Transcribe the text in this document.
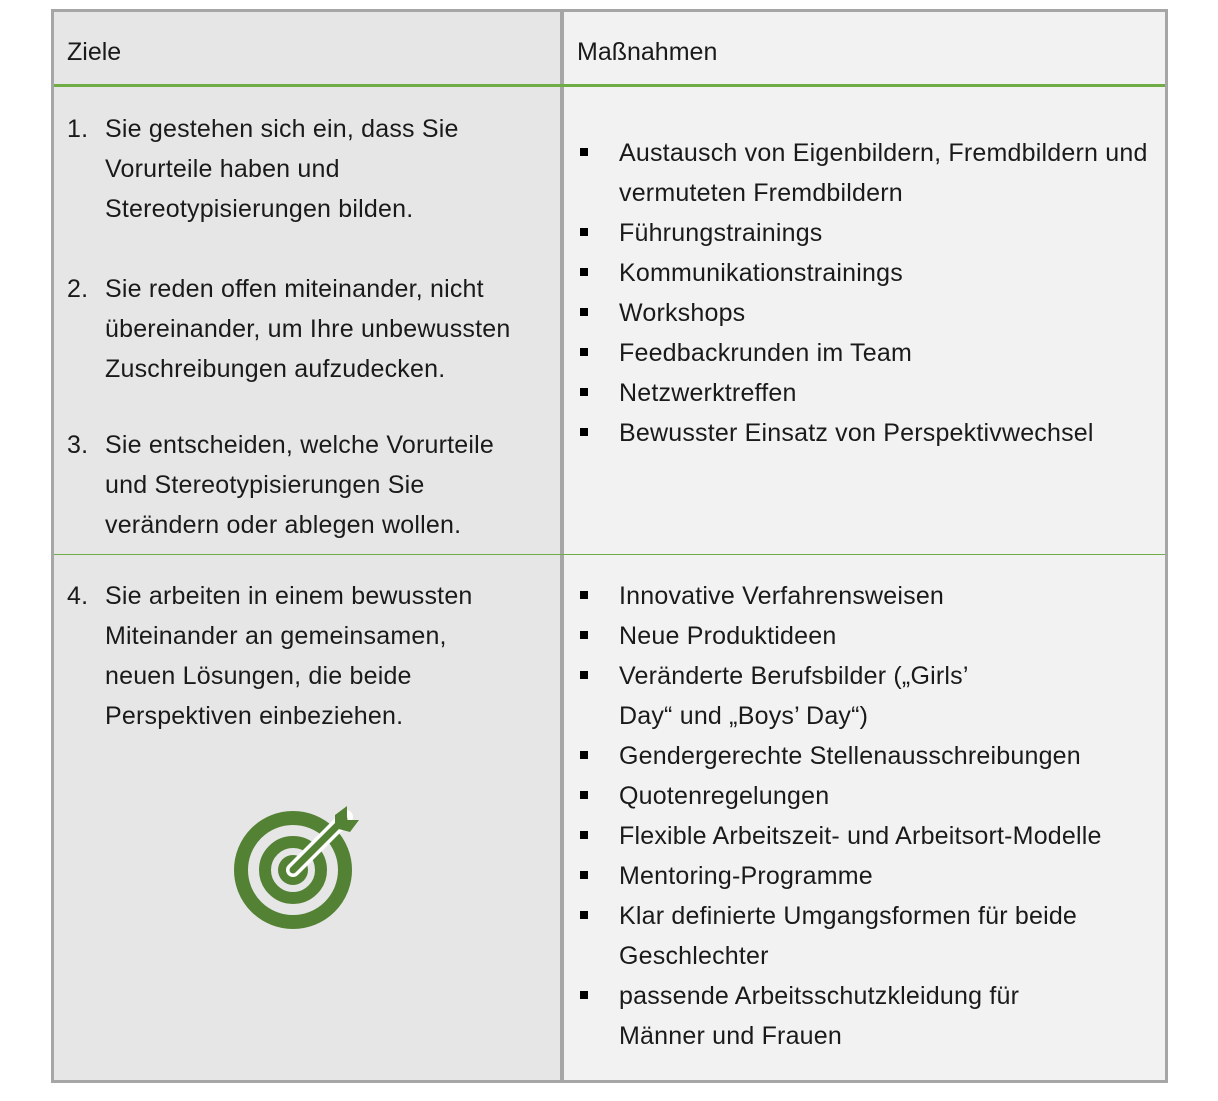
Ziele	Maßnahmen
1. Sie gestehen sich ein, dass Sie Vorurteile haben und Stereotypisierungen bilden.
2. Sie reden offen miteinander, nicht übereinander, um Ihre unbewussten Zuschreibungen aufzudecken.
3. Sie entscheiden, welche Vorurteile und Stereotypisierungen Sie verändern oder ablegen wollen.
Austausch von Eigenbildern, Fremdbildern und vermuteten Fremdbildern
Führungstrainings
Kommunikationstrainings
Workshops
Feedbackrunden im Team
Netzwerktreffen
Bewusster Einsatz von Perspektivwechsel
4. Sie arbeiten in einem bewussten Miteinander an gemeinsamen, neuen Lösungen, die beide Perspektiven einbeziehen.
Innovative Verfahrensweisen
Neue Produktideen
Veränderte Berufsbilder („Girls’ Day“ und „Boys’ Day“)
Gendergerechte Stellenausschreibungen
Quotenregelungen
Flexible Arbeitszeit- und Arbeitsort-Modelle
Mentoring-Programme
Klar definierte Umgangsformen für beide Geschlechter
passende Arbeitsschutzkleidung für Männer und Frauen
